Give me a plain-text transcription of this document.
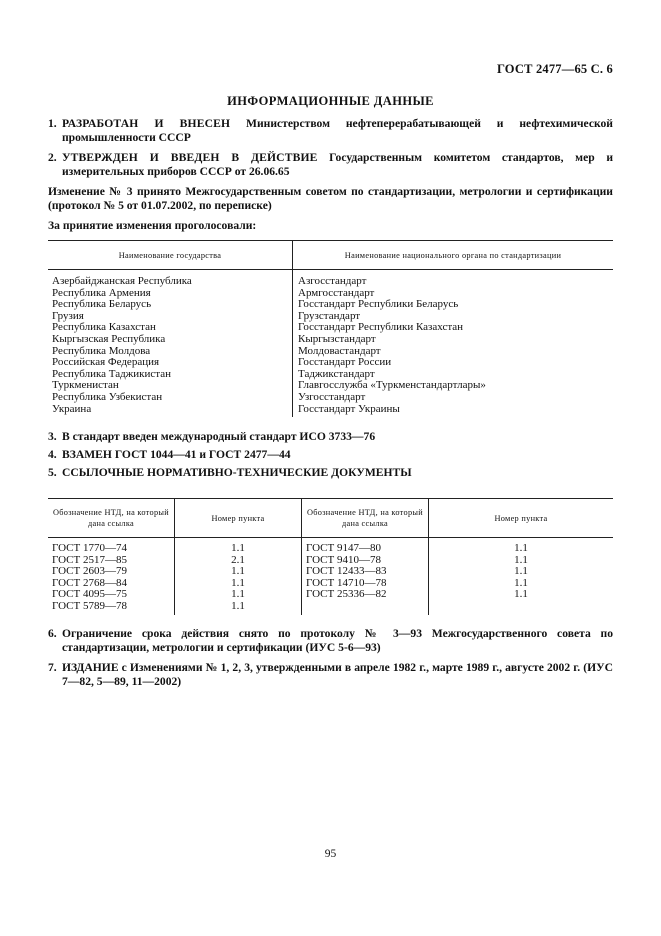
ГОСТ 2477—65 С. 6
ИНФОРМАЦИОННЫЕ ДАННЫЕ
1. РАЗРАБОТАН И ВНЕСЕН Министерством нефтеперерабатывающей и нефтехимической промышленности СССР
2. УТВЕРЖДЕН И ВВЕДЕН В ДЕЙСТВИЕ Государственным комитетом стандартов, мер и измерительных приборов СССР от 26.06.65
Изменение № 3 принято Межгосударственным советом по стандартизации, метрологии и сертификации (протокол № 5 от 01.07.2002, по переписке)
За принятие изменения проголосовали:
Наименование государства	Наименование национального органа по стандартизации

Азербайджанская Республика	Азгосстандарт
Республика Армения	Армгосстандарт
Республика Беларусь	Госстандарт Республики Беларусь
Грузия	Грузстандарт
Республика Казахстан	Госстандарт Республики Казахстан
Кыргызская Республика	Кыргызстандарт
Республика Молдова	Молдовастандарт
Российская Федерация	Госстандарт России
Республика Таджикистан	Таджикстандарт
Туркменистан	Главгосслужба «Туркменстандартлары»
Республика Узбекистан	Узгосстандарт
Украина	Госстандарт Украины
3. В стандарт введен международный стандарт ИСО 3733—76
4. ВЗАМЕН ГОСТ 1044—41 и ГОСТ 2477—44
5. ССЫЛОЧНЫЕ НОРМАТИВНО-ТЕХНИЧЕСКИЕ ДОКУМЕНТЫ
Обозначение НТД, на который дана ссылка	Номер пункта	Обозначение НТД, на который дана ссылка	Номер пункта

ГОСТ 1770—74	1.1	ГОСТ 9147—80	1.1
ГОСТ 2517—85	2.1	ГОСТ 9410—78	1.1
ГОСТ 2603—79	1.1	ГОСТ 12433—83	1.1
ГОСТ 2768—84	1.1	ГОСТ 14710—78	1.1
ГОСТ 4095—75	1.1	ГОСТ 25336—82	1.1
ГОСТ 5789—78	1.1		
6. Ограничение срока действия снято по протоколу № 3—93 Межгосударственного совета по стандартизации, метрологии и сертификации (ИУС 5-6—93)
7. ИЗДАНИЕ с Изменениями № 1, 2, 3, утвержденными в апреле 1982 г., марте 1989 г., августе 2002 г. (ИУС 7—82, 5—89, 11—2002)
95
